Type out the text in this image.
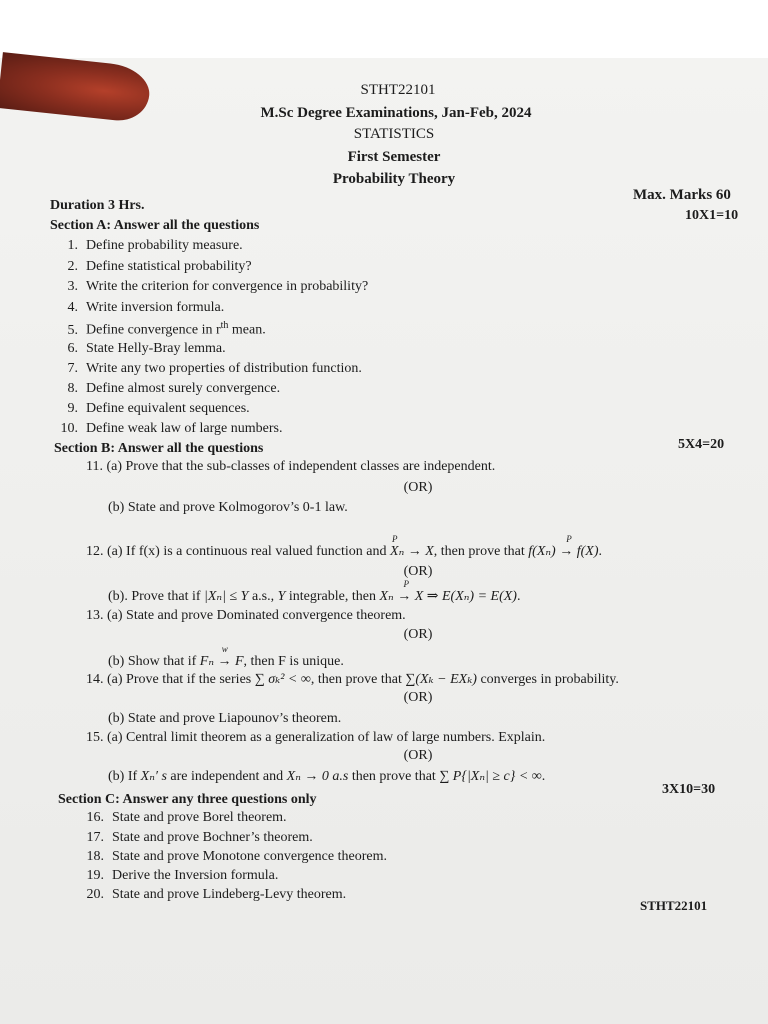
STHT22101
M.Sc Degree Examinations, Jan-Feb, 2024
STATISTICS
First Semester
Probability Theory
Duration 3 Hrs.
Max. Marks 60
Section A: Answer all the questions
10X1=10
1. Define probability measure.
2. Define statistical probability?
3. Write the criterion for convergence in probability?
4. Write inversion formula.
5. Define convergence in $r^{th}$ mean.
6. State Helly-Bray lemma.
7. Write any two properties of distribution function.
8. Define almost surely convergence.
9. Define equivalent sequences.
10. Define weak law of large numbers.
Section B: Answer all the questions	5X4=20
11. (a) Prove that the sub-classes of independent classes are independent.
(OR)
(b) State and prove Kolmogorov’s 0-1 law.
12. (a) If f(x) is a continuous real valued function and
P
Xₙ → X, then prove that
P
f(Xₙ) → f(X).
(OR)
(b). Prove that if |Xₙ| ≤ Y a.s., Y integrable, then
P
Xₙ → X ⇒ E(Xₙ) = E(X).
13. (a) State and prove Dominated convergence theorem.
(OR)
(b) Show that if
w
Fₙ → F, then F is unique.
14. (a) Prove that if the series ∑ σₖ² < ∞, then prove that ∑(Xₖ − EXₖ) converges in probability.
(OR)
(b) State and prove Liapounov’s theorem.
15. (a) Central limit theorem as a generalization of law of large numbers. Explain.
(OR)
(b) If Xₙ′ s are independent and Xₙ → 0 a.s then prove that ∑ P{|Xₙ| ≥ c} < ∞.
Section C: Answer any three questions only
3X10=30
16. State and prove Borel theorem.
17. State and prove Bochner’s theorem.
18. State and prove Monotone convergence theorem.
19. Derive the Inversion formula.
20. State and prove Lindeberg-Levy theorem.
STHT22101
